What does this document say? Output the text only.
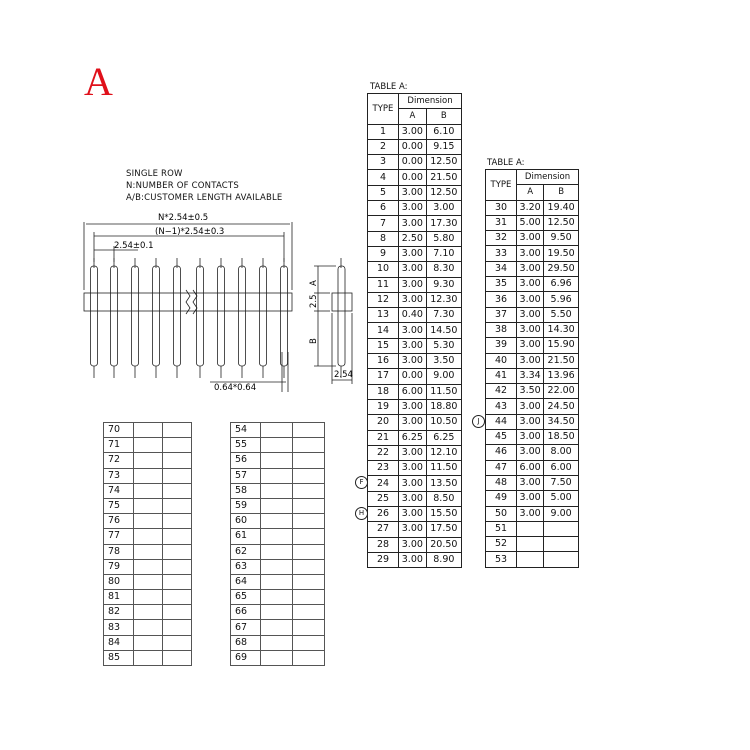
A
SINGLE ROW
N:NUMBER OF CONTACTS
A/B:CUSTOMER LENGTH AVAILABLE
N*2.54±0.5
(N−1)*2.54±0.3
2.54±0.1
0.64*0.64
A
2.5
B
2.54
TABLE A:
TYPE	Dimension	
	A	B
1	3.00	6.10
2	0.00	9.15
3	0.00	12.50
4	0.00	21.50
5	3.00	12.50
6	3.00	3.00
7	3.00	17.30
8	2.50	5.80
9	3.00	7.10
10	3.00	8.30
11	3.00	9.30
12	3.00	12.30
13	0.40	7.30
14	3.00	14.50
15	3.00	5.30
16	3.00	3.50
17	0.00	9.00
18	6.00	11.50
19	3.00	18.80
20	3.00	10.50
21	6.25	6.25
22	3.00	12.10
23	3.00	11.50
24	3.00	13.50
25	3.00	8.50
26	3.00	15.50
27	3.00	17.50
28	3.00	20.50
29	3.00	8.90
TABLE A:
TYPE	Dimension	
	A	B
30	3.20	19.40
31	5.00	12.50
32	3.00	9.50
33	3.00	19.50
34	3.00	29.50
35	3.00	6.96
36	3.00	5.96
37	3.00	5.50
38	3.00	14.30
39	3.00	15.90
40	3.00	21.50
41	3.34	13.96
42	3.50	22.00
43	3.00	24.50
44	3.00	34.50
45	3.00	18.50
46	3.00	8.00
47	6.00	6.00
48	3.00	7.50
49	3.00	5.00
50	3.00	9.00
51		
52		
53		
F
H
J
70		
71		
72		
73		
74		
75		
76		
77		
78		
79		
80		
81		
82		
83		
84		
85		
54		
55		
56		
57		
58		
59		
60		
61		
62		
63		
64		
65		
66		
67		
68		
69		
